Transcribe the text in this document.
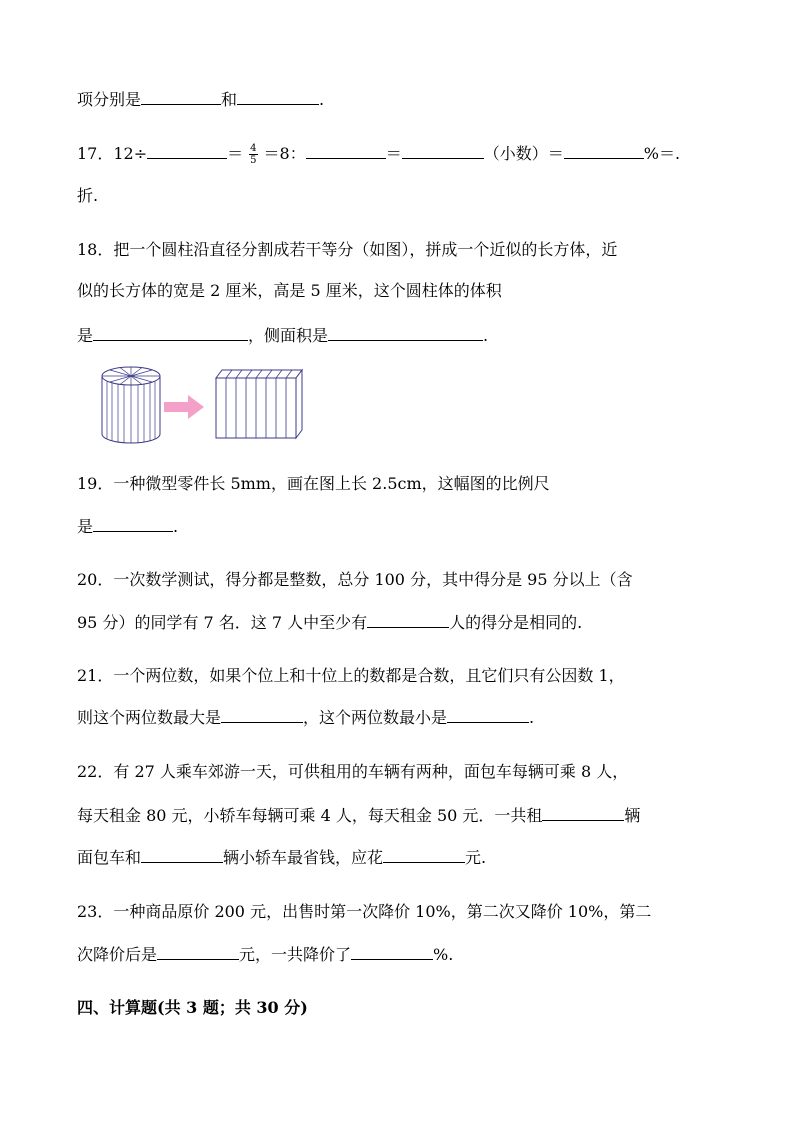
项分别是	和	.
17．12÷	＝ $\frac{4}{5} =8$：	＝	（小数）＝	%＝.
折.
18．把一个圆柱沿直径分割成若干等分（如图），拼成一个近似的长方体，近
似的长方体的宽是 2 厘米，高是 5 厘米，这个圆柱体的体积
是	，侧面积是	.
19．一种微型零件长 5mm，画在图上长 2.5cm，这幅图的比例尺
是	.
20．一次数学测试，得分都是整数，总分 100 分，其中得分是 95 分以上（含
95 分）的同学有 7 名．这 7 人中至少有	人的得分是相同的.
21．一个两位数，如果个位上和十位上的数都是合数，且它们只有公因数 1，
则这个两位数最大是	，这个两位数最小是	.
22．有 27 人乘车郊游一天，可供租用的车辆有两种，面包车每辆可乘 8 人，
每天租金 80 元，小轿车每辆可乘 4 人，每天租金 50 元．一共租	辆
面包车和	辆小轿车最省钱，应花	元.
23．一种商品原价 200 元，出售时第一次降价 10%，第二次又降价 10%，第二
次降价后是	元，一共降价了	%.
四、计算题(共 3 题；共 30 分)
